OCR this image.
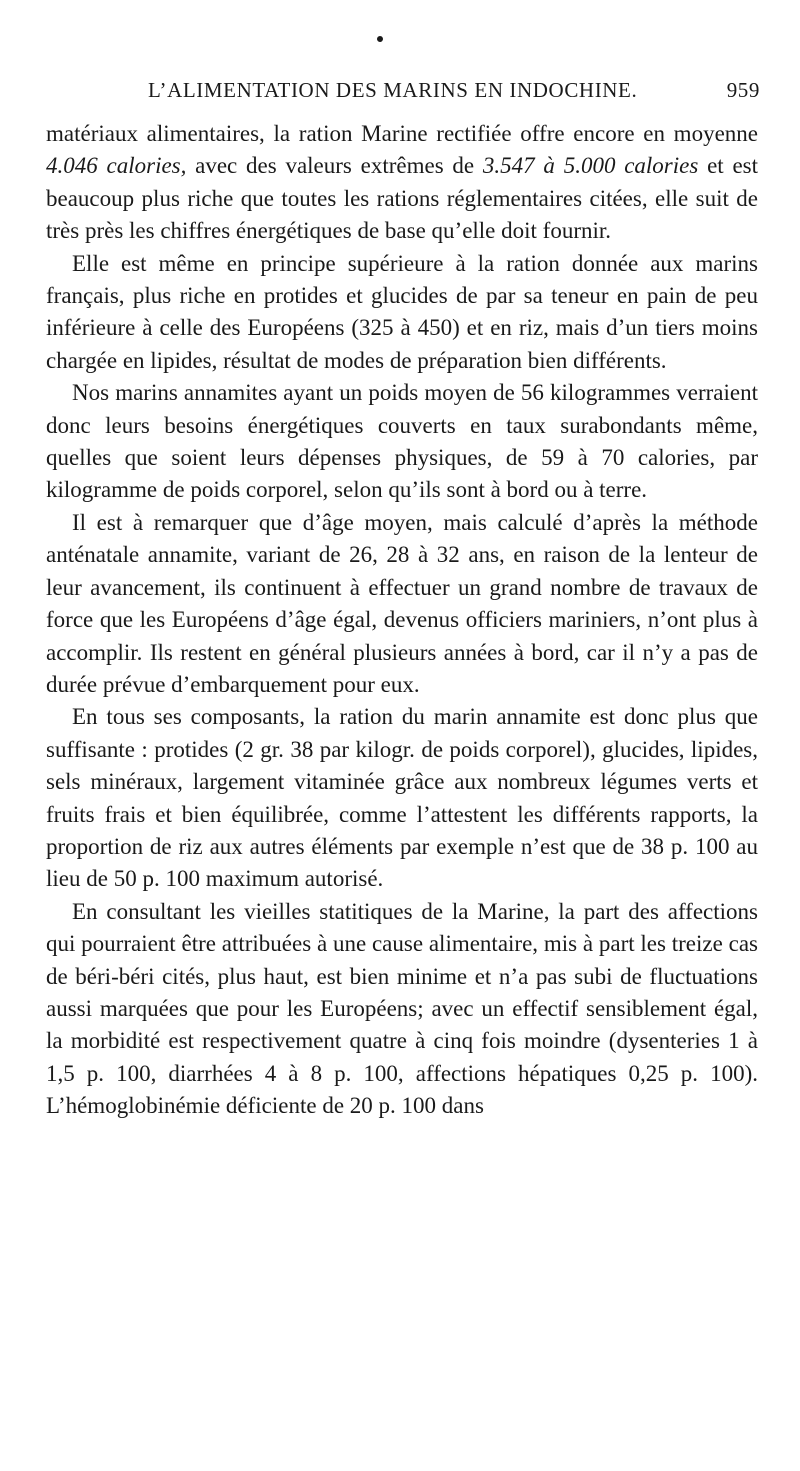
L’ALIMENTATION DES MARINS EN INDOCHINE.	959

matériaux alimentaires, la ration Marine rectifiée offre encore en moyenne 4.046 calories, avec des valeurs extrêmes de 3.547 à 5.000 calories et est beaucoup plus riche que toutes les rations réglementaires citées, elle suit de très près les chiffres énergétiques de base qu’elle doit fournir.

Elle est même en principe supérieure à la ration donnée aux marins français, plus riche en protides et glucides de par sa teneur en pain de peu inférieure à celle des Européens (325 à 450) et en riz, mais d’un tiers moins chargée en lipides, résultat de modes de préparation bien différents.

Nos marins annamites ayant un poids moyen de 56 kilogrammes verraient donc leurs besoins énergétiques couverts en taux surabondants même, quelles que soient leurs dépenses physiques, de 59 à 70 calories, par kilogramme de poids corporel, selon qu’ils sont à bord ou à terre.

Il est à remarquer que d’âge moyen, mais calculé d’après la méthode anténatale annamite, variant de 26, 28 à 32 ans, en raison de la lenteur de leur avancement, ils continuent à effectuer un grand nombre de travaux de force que les Européens d’âge égal, devenus officiers mariniers, n’ont plus à accomplir. Ils restent en général plusieurs années à bord, car il n’y a pas de durée prévue d’embarquement pour eux.

En tous ses composants, la ration du marin annamite est donc plus que suffisante : protides (2 gr. 38 par kilogr. de poids corporel), glucides, lipides, sels minéraux, largement vitaminée grâce aux nombreux légumes verts et fruits frais et bien équilibrée, comme l’attestent les différents rapports, la proportion de riz aux autres éléments par exemple n’est que de 38 p. 100 au lieu de 50 p. 100 maximum autorisé.

En consultant les vieilles statitiques de la Marine, la part des affections qui pourraient être attribuées à une cause alimentaire, mis à part les treize cas de béri-béri cités, plus haut, est bien minime et n’a pas subi de fluctuations aussi marquées que pour les Européens; avec un effectif sensiblement égal, la morbidité est respectivement quatre à cinq fois moindre (dysenteries 1 à 1,5 p. 100, diarrhées 4 à 8 p. 100, affections hépatiques 0,25 p. 100). L’hémoglobinémie déficiente de 20 p. 100 dans
